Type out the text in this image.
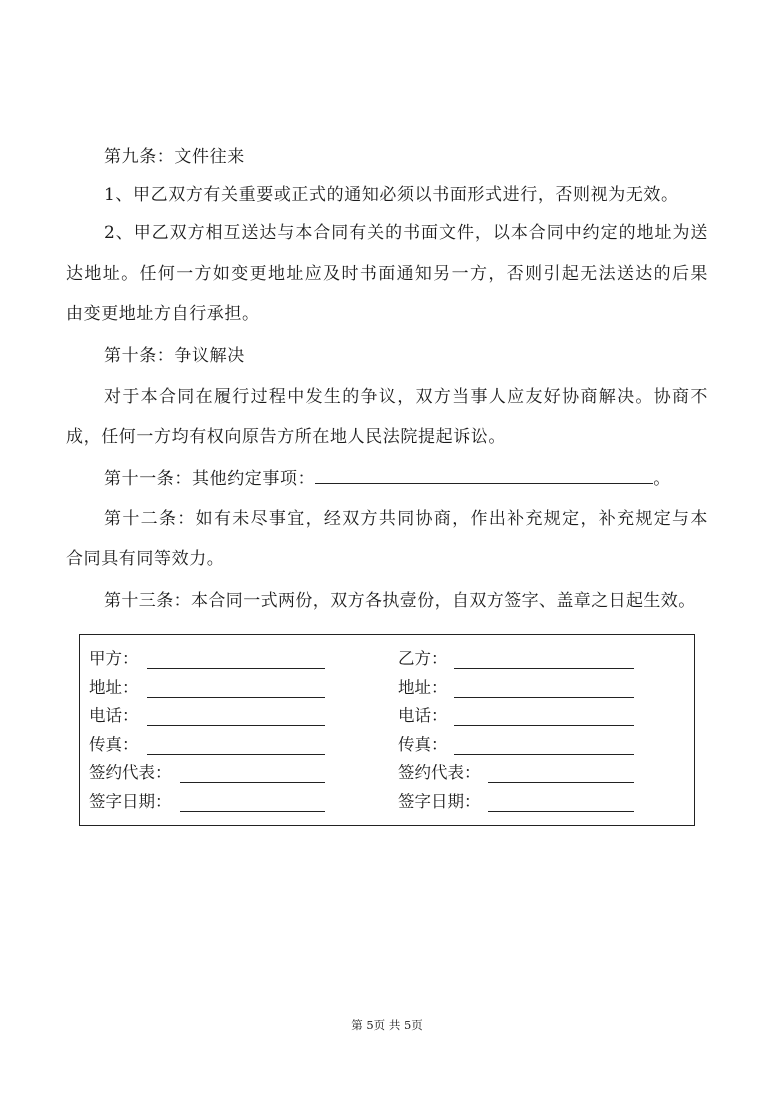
第九条：文件往来
1、甲乙双方有关重要或正式的通知必须以书面形式进行，否则视为无效。
2、甲乙双方相互送达与本合同有关的书面文件，以本合同中约定的地址为送
达地址。任何一方如变更地址应及时书面通知另一方，否则引起无法送达的后果
由变更地址方自行承担。
第十条：争议解决
对于本合同在履行过程中发生的争议，双方当事人应友好协商解决。协商不
成，任何一方均有权向原告方所在地人民法院提起诉讼。
第十一条：其他约定事项：	。
第十二条：如有未尽事宜，经双方共同协商，作出补充规定，补充规定与本
合同具有同等效力。
第十三条：本合同一式两份，双方各执壹份，自双方签字、盖章之日起生效。
甲方：
地址：
电话：
传真：
签约代表：
签字日期：
乙方：
地址：
电话：
传真：
签约代表：
签字日期：
第 5页 共 5页
